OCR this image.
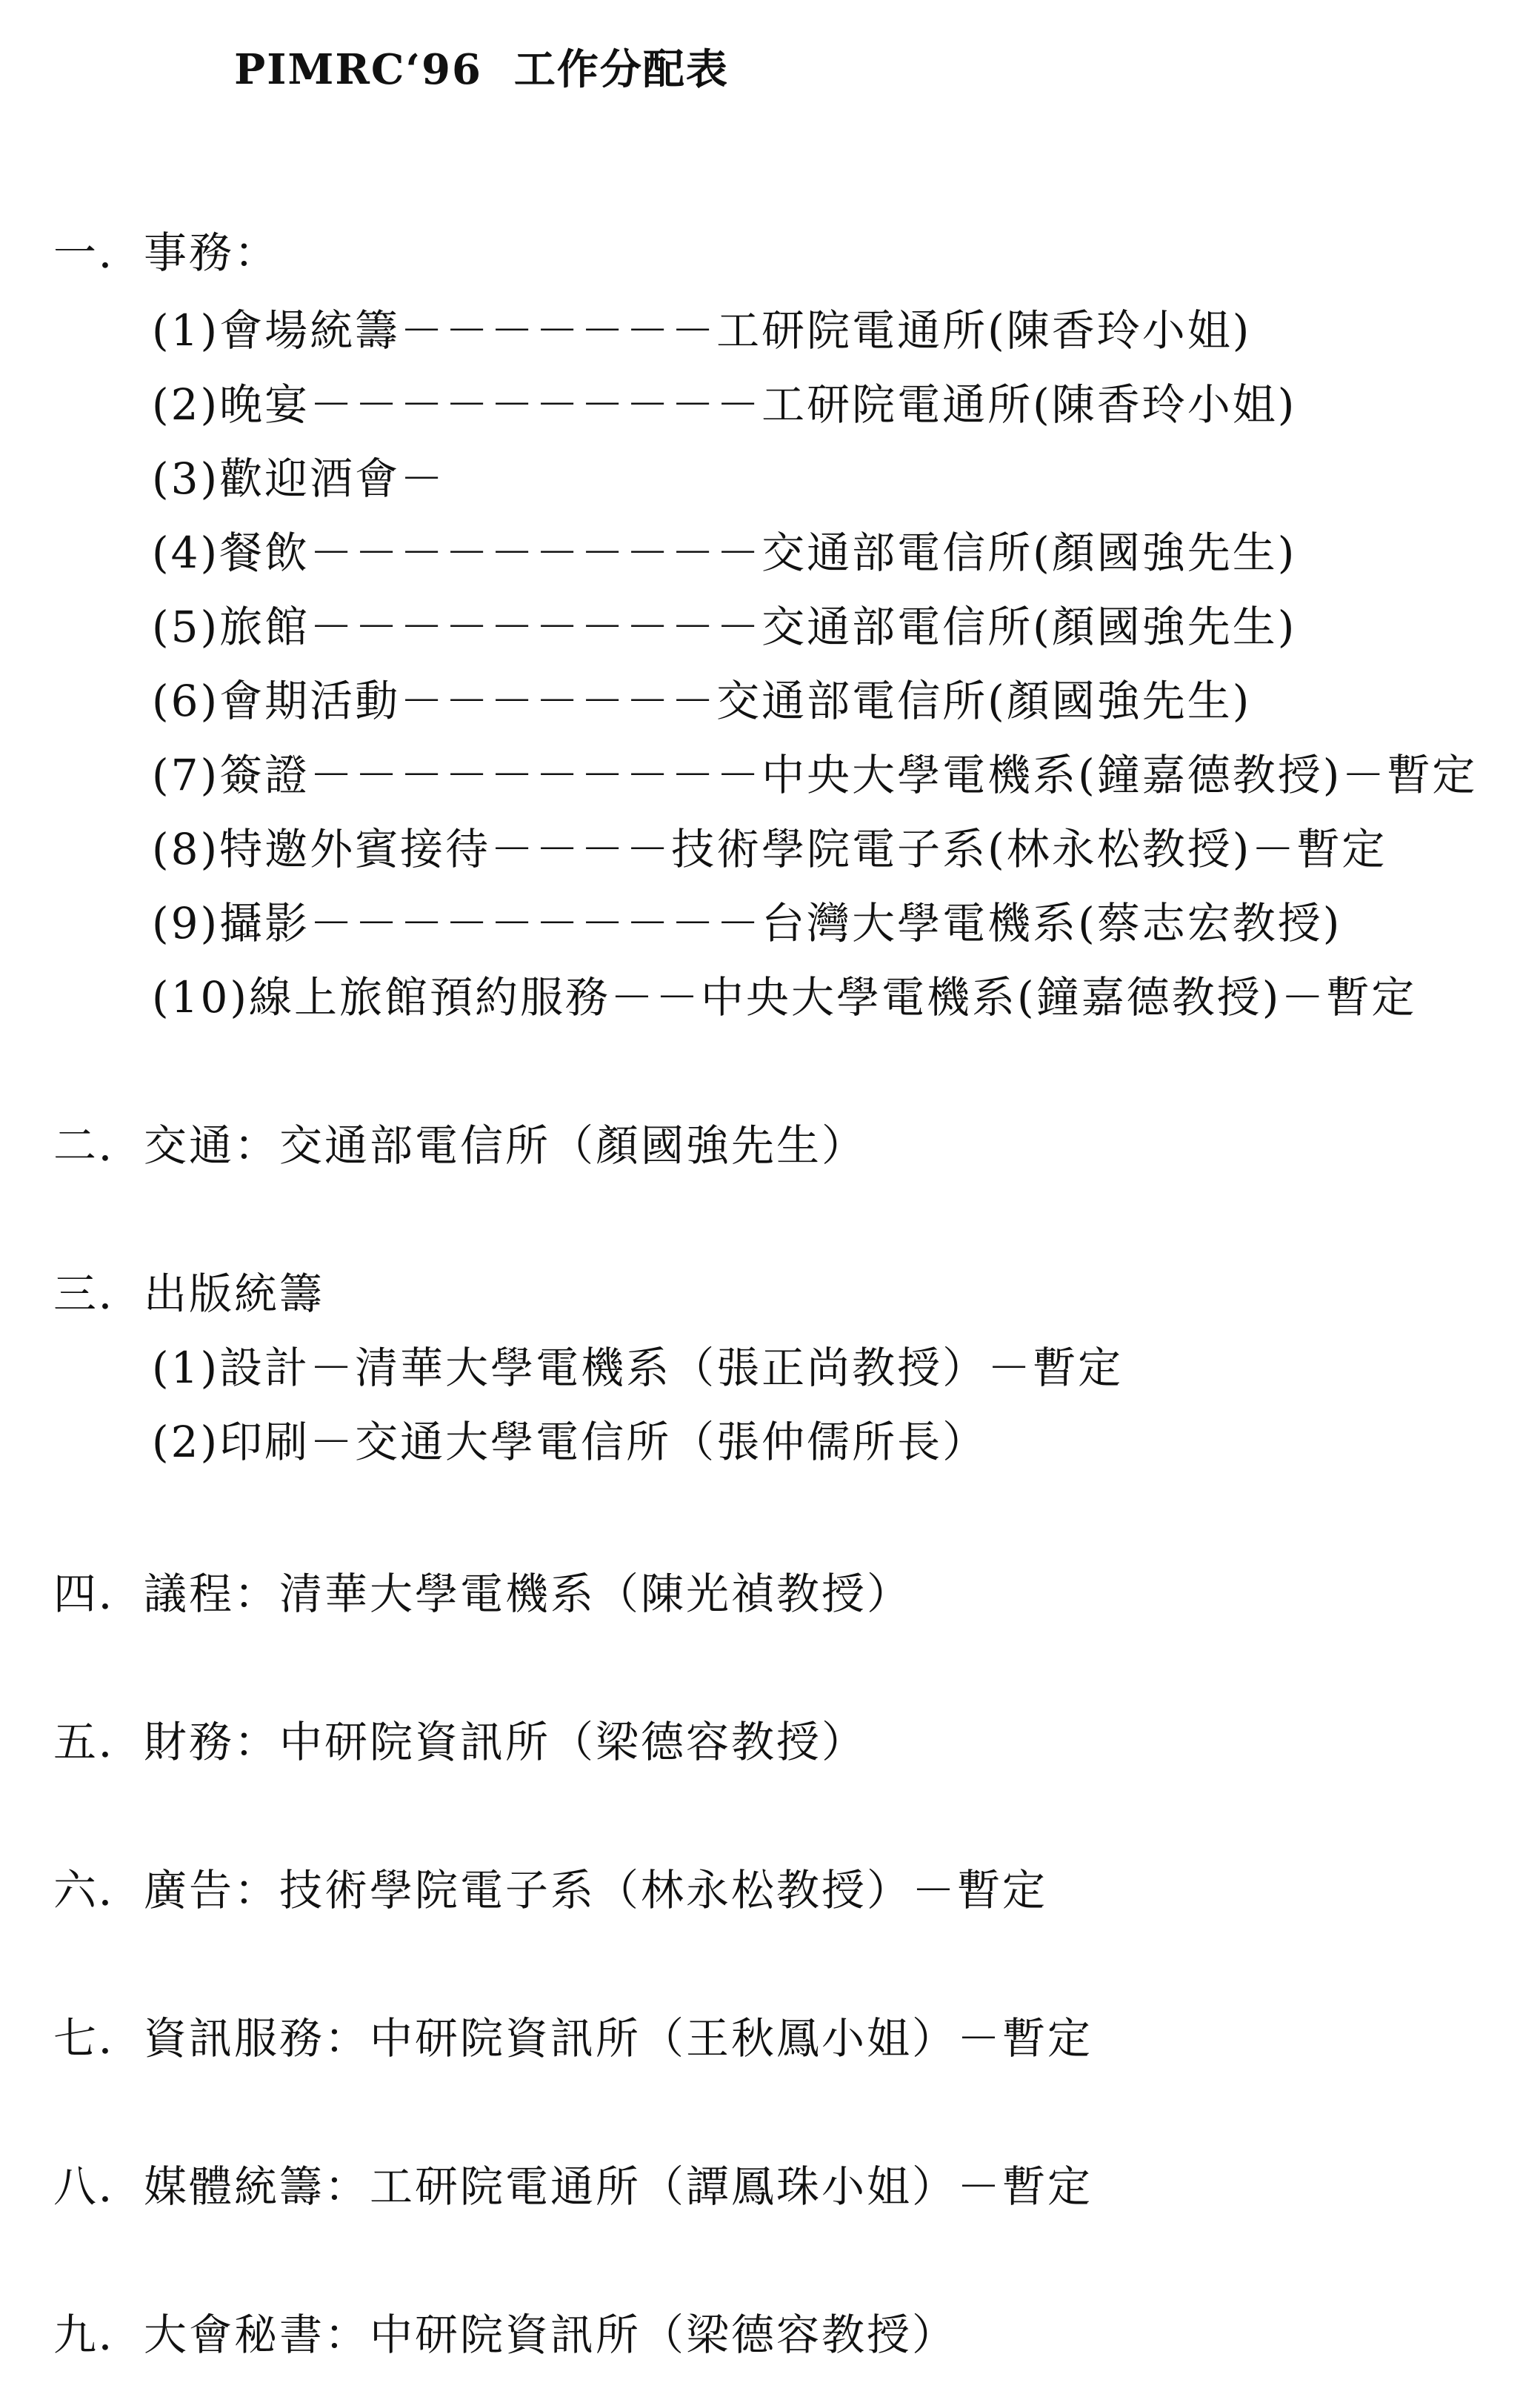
PIMRC‘96  工作分配表
一．事務：
(1)會場統籌－－－－－－－工研院電通所(陳香玲小姐)
(2)晚宴－－－－－－－－－－工研院電通所(陳香玲小姐)
(3)歡迎酒會－
(4)餐飲－－－－－－－－－－交通部電信所(顏國強先生)
(5)旅館－－－－－－－－－－交通部電信所(顏國強先生)
(6)會期活動－－－－－－－交通部電信所(顏國強先生)
(7)簽證－－－－－－－－－－中央大學電機系(鐘嘉德教授)－暫定
(8)特邀外賓接待－－－－技術學院電子系(林永松教授)－暫定
(9)攝影－－－－－－－－－－台灣大學電機系(蔡志宏教授)
(10)線上旅館預約服務－－中央大學電機系(鐘嘉德教授)－暫定
二．交通：交通部電信所（顏國強先生）
三．出版統籌
(1)設計－清華大學電機系（張正尚教授）－暫定
(2)印刷－交通大學電信所（張仲儒所長）
四．議程：清華大學電機系（陳光禎教授）
五．財務：中研院資訊所（梁德容教授）
六．廣告：技術學院電子系（林永松教授）－暫定
七．資訊服務：中研院資訊所（王秋鳳小姐）－暫定
八．媒體統籌：工研院電通所（譚鳳珠小姐）－暫定
九．大會秘書：中研院資訊所（梁德容教授）
